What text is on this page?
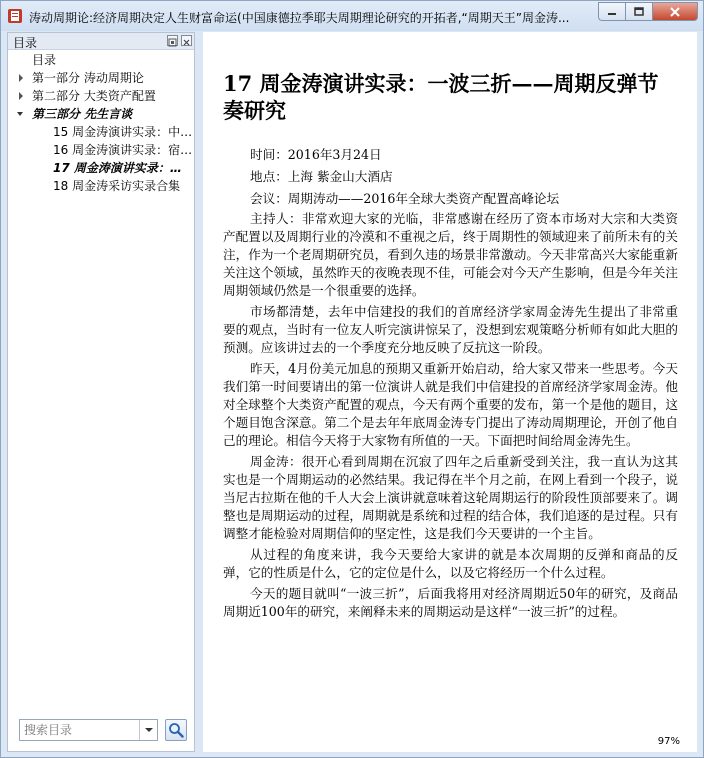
涛动周期论:经济周期决定人生财富命运(中国康德拉季耶夫周期理论研究的开拓者,“周期天王”周金涛...
目录
目录
第一部分 涛动周期论
第二部分 大类资产配置
第三部分 先生言谈
15 周金涛演讲实录：中…
16 周金涛演讲实录：宿…
17 周金涛演讲实录：…
18 周金涛采访实录合集
搜索目录
17 周金涛演讲实录：一波三折——周期反弹节奏研究
时间：2016年3月24日
地点：上海 紫金山大酒店
会议：周期涛动——2016年全球大类资产配置高峰论坛

主持人：非常欢迎大家的光临，非常感谢在经历了资本市场对大宗和大类资产配置以及周期行业的冷漠和不重视之后，终于周期性的领域迎来了前所未有的关注，作为一个老周期研究员，看到久违的场景非常激动。今天非常高兴大家能重新关注这个领域，虽然昨天的夜晚表现不佳，可能会对今天产生影响，但是今年关注周期领域仍然是一个很重要的选择。

市场都清楚，去年中信建投的我们的首席经济学家周金涛先生提出了非常重要的观点，当时有一位友人听完演讲惊呆了，没想到宏观策略分析师有如此大胆的预测。应该讲过去的一个季度充分地反映了反抗这一阶段。

昨天，4月份美元加息的预期又重新开始启动，给大家又带来一些思考。今天我们第一时间要请出的第一位演讲人就是我们中信建投的首席经济学家周金涛。他对全球整个大类资产配置的观点，今天有两个重要的发布，第一个是他的题目，这个题目饱含深意。第二个是去年年底周金涛专门提出了涛动周期理论，开创了他自己的理论。相信今天将于大家物有所值的一天。下面把时间给周金涛先生。

周金涛：很开心看到周期在沉寂了四年之后重新受到关注，我一直认为这其实也是一个周期运动的必然结果。我记得在半个月之前，在网上看到一个段子，说当尼古拉斯在他的千人大会上演讲就意味着这轮周期运行的阶段性顶部要来了。调整也是周期运动的过程，周期就是系统和过程的结合体，我们追逐的是过程。只有调整才能检验对周期信仰的坚定性，这是我们今天要讲的一个主旨。

从过程的角度来讲，我今天要给大家讲的就是本次周期的反弹和商品的反弹，它的性质是什么，它的定位是什么，以及它将经历一个什么过程。

今天的题目就叫“一波三折”，后面我将用对经济周期近50年的研究，及商品周期近100年的研究，来阐释未来的周期运动是这样“一波三折”的过程。

97%
